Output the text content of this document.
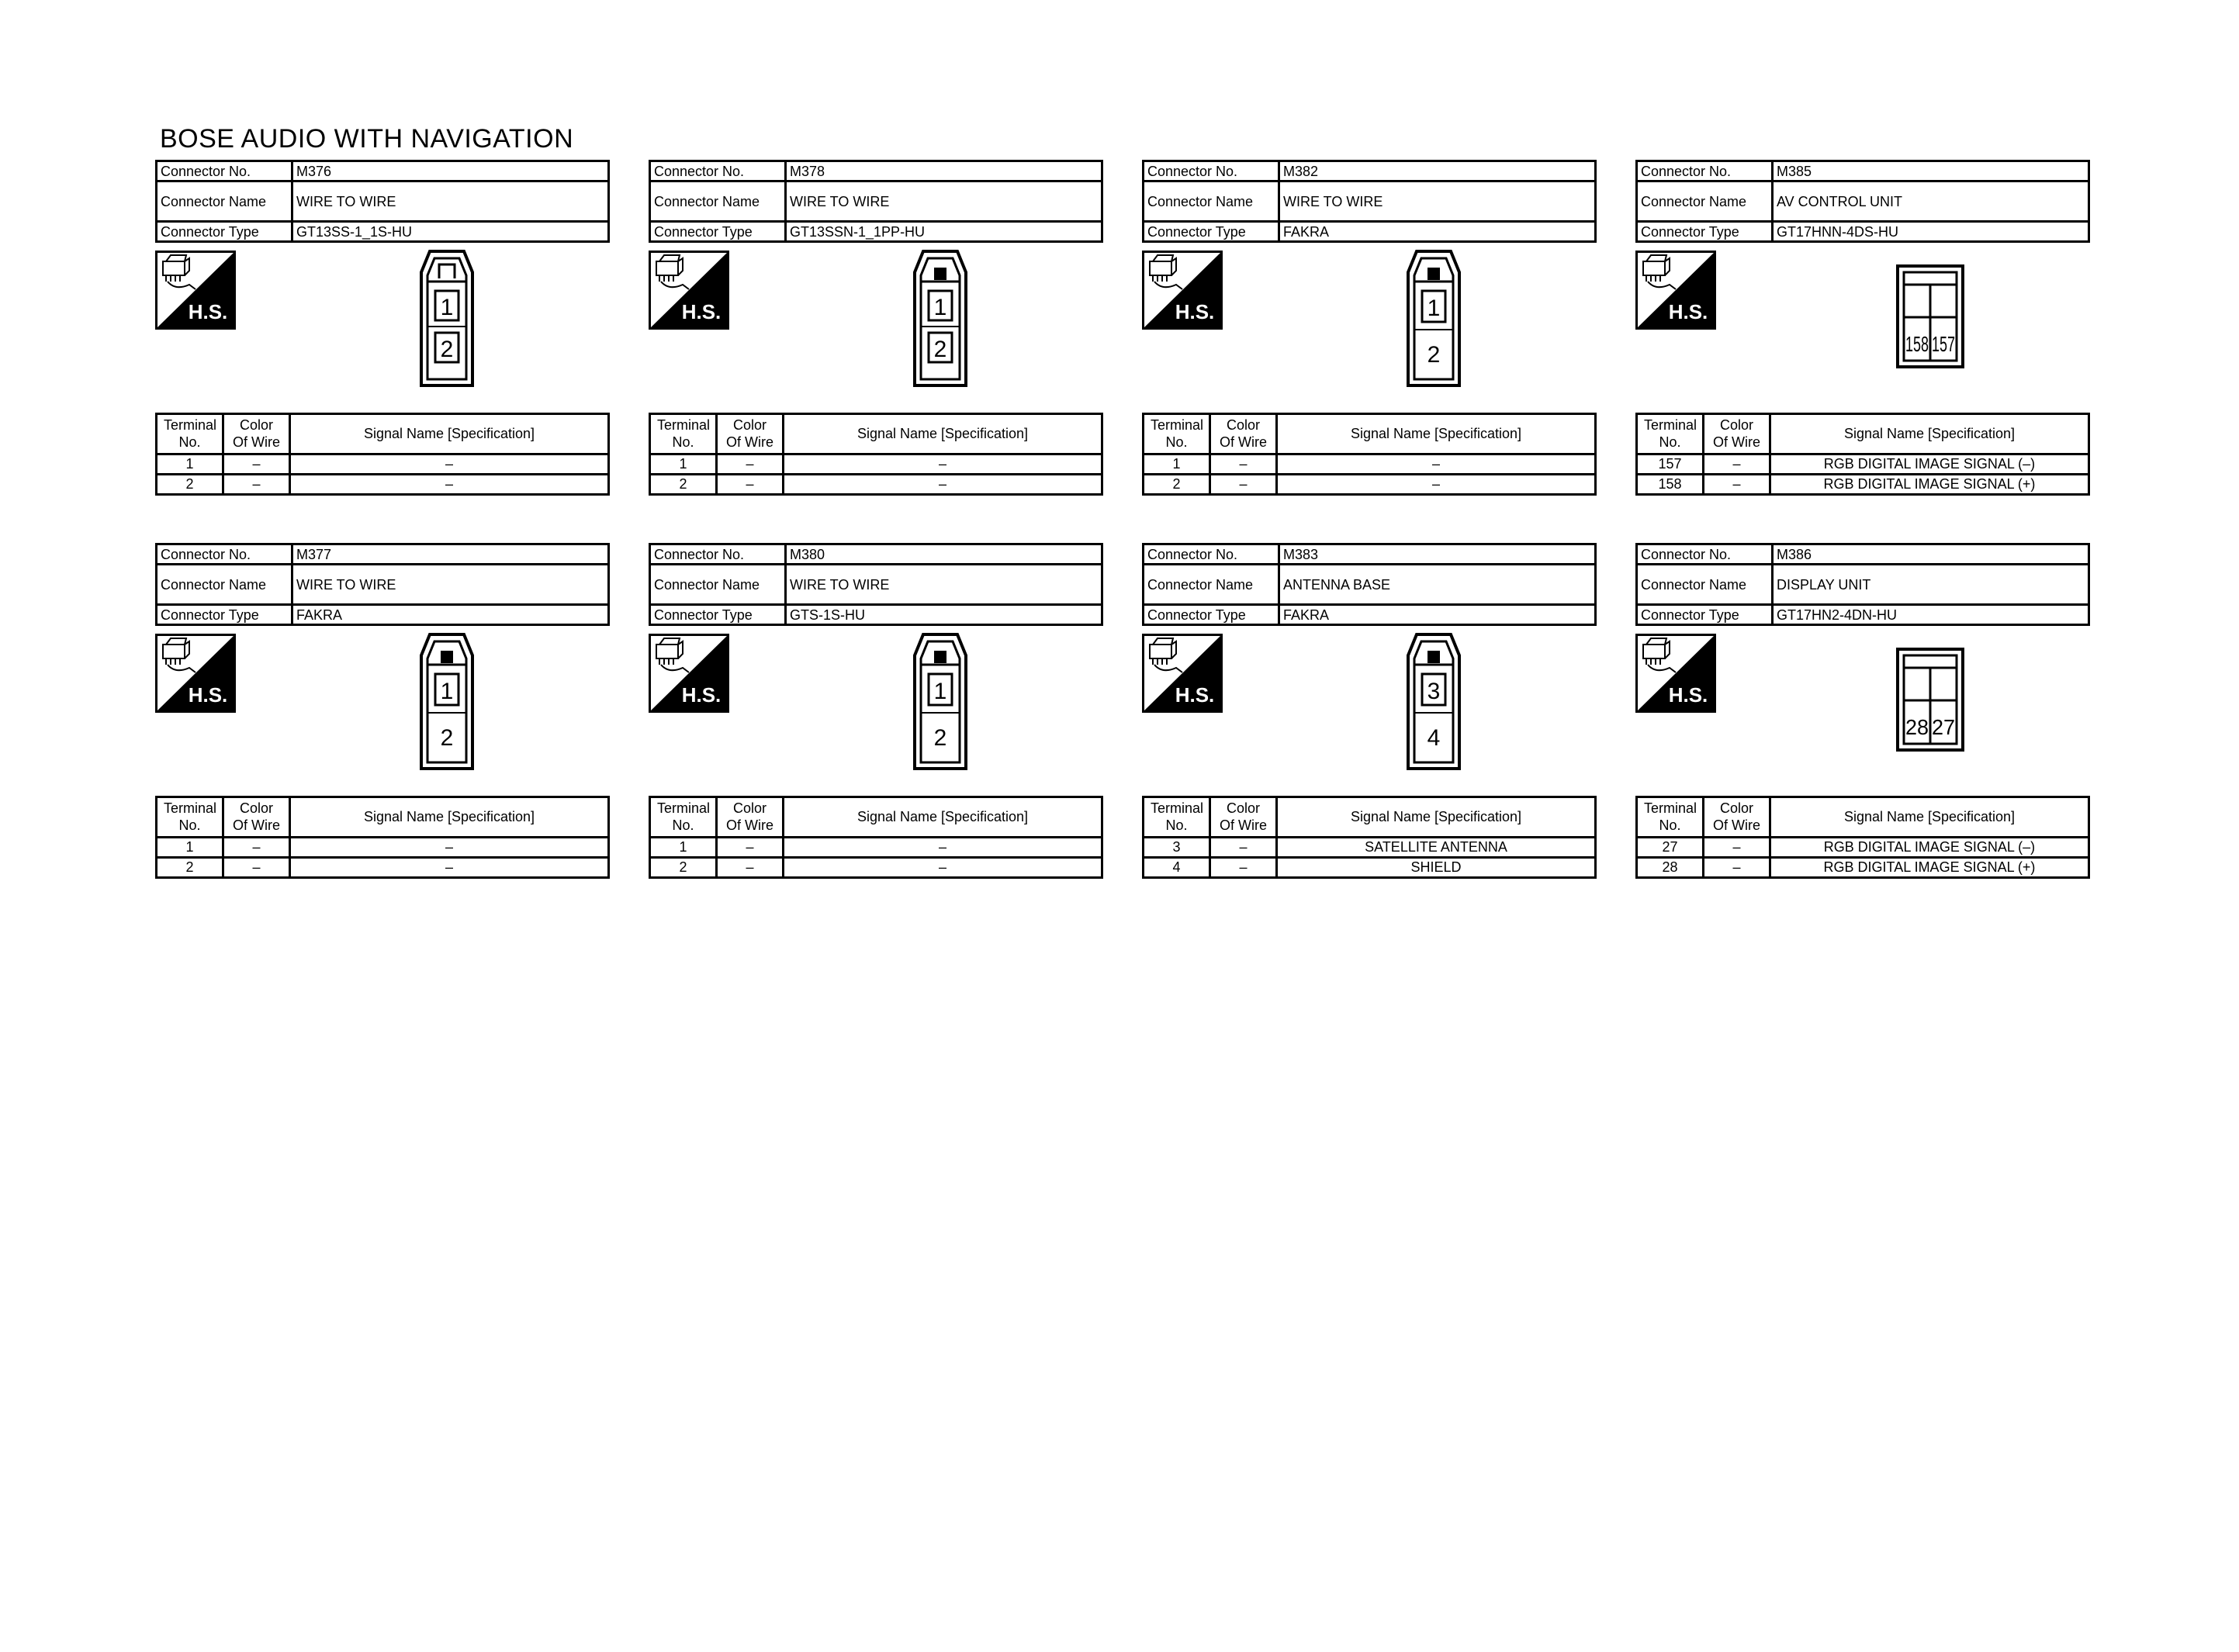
BOSE AUDIO WITH NAVIGATION
Connector No.	M376
Connector Name	WIRE TO WIRE
Connector Type	GT13SS-1_1S-HU
H.S.	1
2
Terminal No.	Color Of Wire	Signal Name [Specification]
1	–	–
2	–	–
Connector No.	M378
Connector Name	WIRE TO WIRE
Connector Type	GT13SSN-1_1PP-HU
H.S.	1
2
Terminal No.	Color Of Wire	Signal Name [Specification]
1	–	–
2	–	–
Connector No.	M382
Connector Name	WIRE TO WIRE
Connector Type	FAKRA
H.S.	1
2
Terminal No.	Color Of Wire	Signal Name [Specification]
1	–	–
2	–	–
Connector No.	M385
Connector Name	AV CONTROL UNIT
Connector Type	GT17HNN-4DS-HU
H.S.
158 157
Terminal No.	Color Of Wire	Signal Name [Specification]
157	–	RGB DIGITAL IMAGE SIGNAL (–)
158	–	RGB DIGITAL IMAGE SIGNAL (+)
Connector No.	M377
Connector Name	WIRE TO WIRE
Connector Type	FAKRA
H.S.	1
2
Terminal No.	Color Of Wire	Signal Name [Specification]
1	–	–
2	–	–
Connector No.	M380
Connector Name	WIRE TO WIRE
Connector Type	GTS-1S-HU
H.S.	1
2
Terminal No.	Color Of Wire	Signal Name [Specification]
1	–	–
2	–	–
Connector No.	M383
Connector Name	ANTENNA BASE
Connector Type	FAKRA
H.S.	3
4
Terminal No.	Color Of Wire	Signal Name [Specification]
3	–	SATELLITE ANTENNA
4	–	SHIELD
Connector No.	M386
Connector Name	DISPLAY UNIT
Connector Type	GT17HN2-4DN-HU
H.S.
28 27
Terminal No.	Color Of Wire	Signal Name [Specification]
27	–	RGB DIGITAL IMAGE SIGNAL (–)
28	–	RGB DIGITAL IMAGE SIGNAL (+)
